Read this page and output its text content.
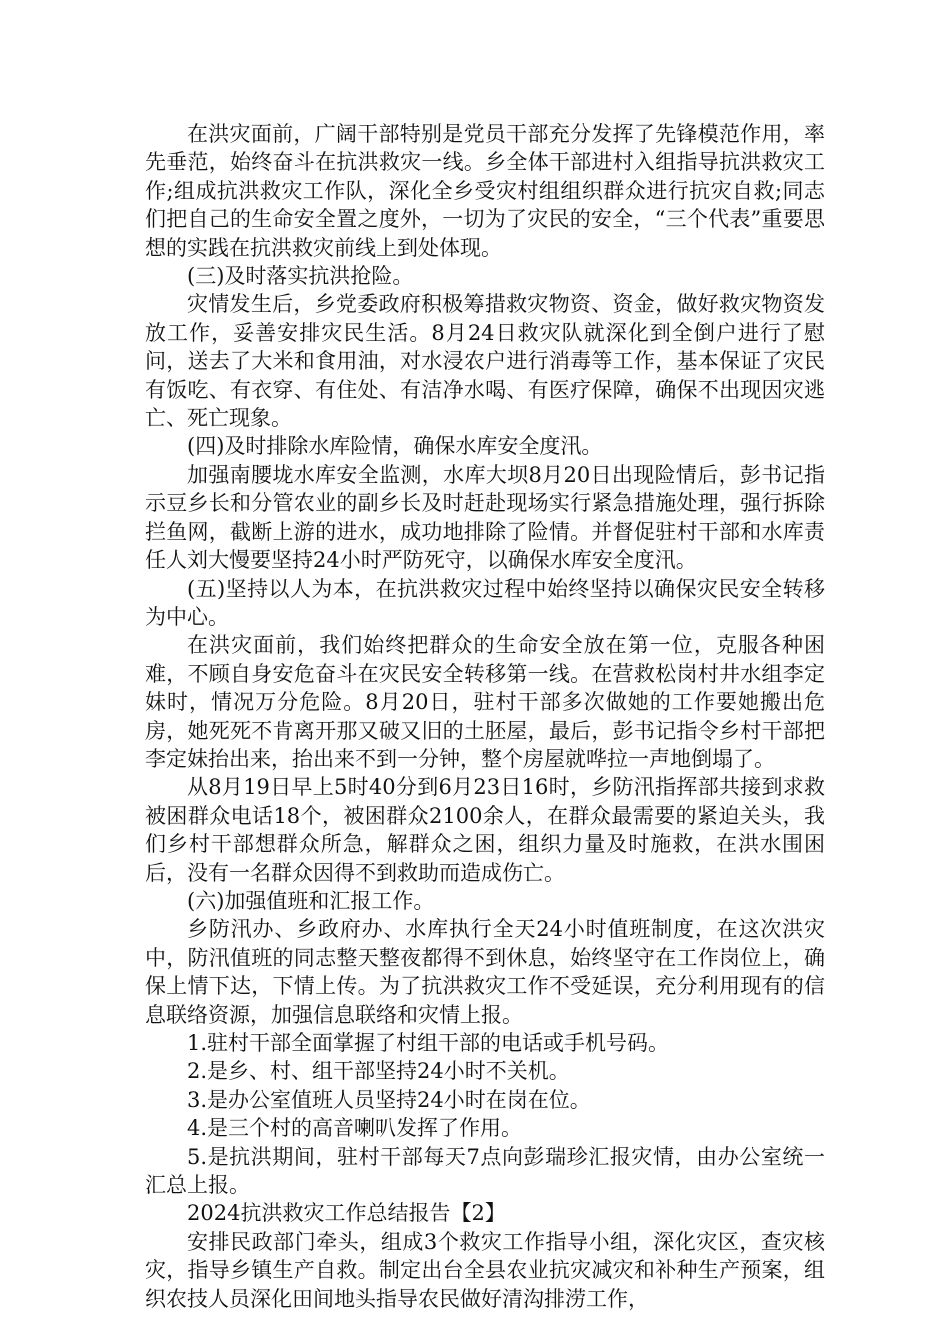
在洪灾面前，广阔干部特别是党员干部充分发挥了先锋模范作用，率先垂范，始终奋斗在抗洪救灾一线。乡全体干部进村入组指导抗洪救灾工作;组成抗洪救灾工作队，深化全乡受灾村组组织群众进行抗灾自救;同志们把自己的生命安全置之度外，一切为了灾民的安全，“三个代表”重要思想的实践在抗洪救灾前线上到处体现。

(三)及时落实抗洪抢险。

灾情发生后，乡党委政府积极筹措救灾物资、资金，做好救灾物资发放工作，妥善安排灾民生活。8月24日救灾队就深化到全倒户进行了慰问，送去了大米和食用油，对水浸农户进行消毒等工作，基本保证了灾民有饭吃、有衣穿、有住处、有洁净水喝、有医疗保障，确保不出现因灾逃亡、死亡现象。

(四)及时排除水库险情，确保水库安全度汛。

加强南腰垅水库安全监测，水库大坝8月20日出现险情后，彭书记指示豆乡长和分管农业的副乡长及时赶赴现场实行紧急措施处理，强行拆除拦鱼网，截断上游的进水，成功地排除了险情。并督促驻村干部和水库责任人刘大慢要坚持24小时严防死守，以确保水库安全度汛。

(五)坚持以人为本，在抗洪救灾过程中始终坚持以确保灾民安全转移为中心。

在洪灾面前，我们始终把群众的生命安全放在第一位，克服各种困难，不顾自身安危奋斗在灾民安全转移第一线。在营救松岗村井水组李定妹时，情况万分危险。8月20日，驻村干部多次做她的工作要她搬出危房，她死死不肯离开那又破又旧的土胚屋，最后，彭书记指令乡村干部把李定妹抬出来，抬出来不到一分钟，整个房屋就哗拉一声地倒塌了。

从8月19日早上5时40分到6月23日16时，乡防汛指挥部共接到求救被困群众电话18个，被困群众2100余人，在群众最需要的紧迫关头，我们乡村干部想群众所急，解群众之困，组织力量及时施救，在洪水围困后，没有一名群众因得不到救助而造成伤亡。

(六)加强值班和汇报工作。

乡防汛办、乡政府办、水库执行全天24小时值班制度，在这次洪灾中，防汛值班的同志整天整夜都得不到休息，始终坚守在工作岗位上，确保上情下达，下情上传。为了抗洪救灾工作不受延误，充分利用现有的信息联络资源，加强信息联络和灾情上报。

1.驻村干部全面掌握了村组干部的电话或手机号码。

2.是乡、村、组干部坚持24小时不关机。

3.是办公室值班人员坚持24小时在岗在位。

4.是三个村的高音喇叭发挥了作用。

5.是抗洪期间，驻村干部每天7点向彭瑞珍汇报灾情，由办公室统一汇总上报。

2024抗洪救灾工作总结报告【2】

安排民政部门牵头，组成3个救灾工作指导小组，深化灾区，查灾核灾，指导乡镇生产自救。制定出台全县农业抗灾减灾和补种生产预案，组织农技人员深化田间地头指导农民做好清沟排涝工作，
